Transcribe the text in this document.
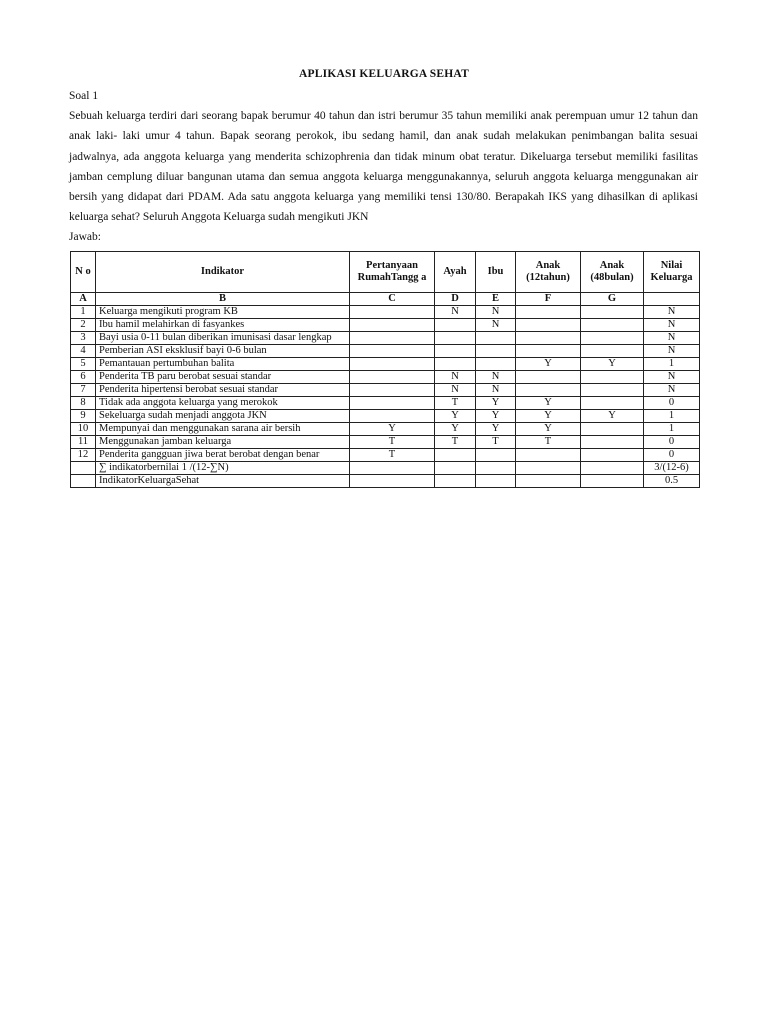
APLIKASI KELUARGA SEHAT
Soal 1

Sebuah keluarga terdiri dari seorang bapak berumur 40 tahun dan istri berumur 35 tahun memiliki anak perempuan umur 12 tahun dan anak laki- laki umur 4 tahun. Bapak seorang perokok, ibu sedang hamil, dan anak sudah melakukan penimbangan balita sesuai jadwalnya, ada anggota keluarga yang menderita schizophrenia dan tidak minum obat teratur. Dikeluarga tersebut memiliki fasilitas jamban cemplung diluar bangunan utama dan semua anggota keluarga menggunakannya, seluruh anggota keluarga menggunakan air bersih yang didapat dari PDAM. Ada satu anggota keluarga yang memiliki tensi 130/80. Berapakah IKS yang dihasilkan di aplikasi keluarga sehat? Seluruh Anggota Keluarga sudah mengikuti JKN

Jawab:
N o	Indikator	Pertanyaan RumahTangg a	Ayah	Ibu	Anak (12tahun)	Anak (48bulan)	Nilai Keluarga
A	B	C	D	E	F	G	
1	Keluarga mengikuti program KB		N	N			N
2	Ibu hamil melahirkan di fasyankes			N			N
3	Bayi usia 0-11 bulan diberikan imunisasi dasar lengkap						N
4	Pemberian ASI eksklusif bayi 0-6 bulan						N
5	Pemantauan pertumbuhan balita				Y	Y	1
6	Penderita TB paru berobat sesuai standar		N	N			N
7	Penderita hipertensi berobat sesuai standar		N	N			N
8	Tidak ada anggota keluarga yang merokok		T	Y	Y		0
9	Sekeluarga sudah menjadi anggota JKN		Y	Y	Y	Y	1
10	Mempunyai dan menggunakan sarana air bersih	Y	Y	Y	Y		1
11	Menggunakan jamban keluarga	T	T	T	T		0
12	Penderita gangguan jiwa berat berobat dengan benar	T					0
	∑ indikatorbernilai 1 /(12-∑N)						3/(12-6)
	IndikatorKeluargaSehat						0.5
